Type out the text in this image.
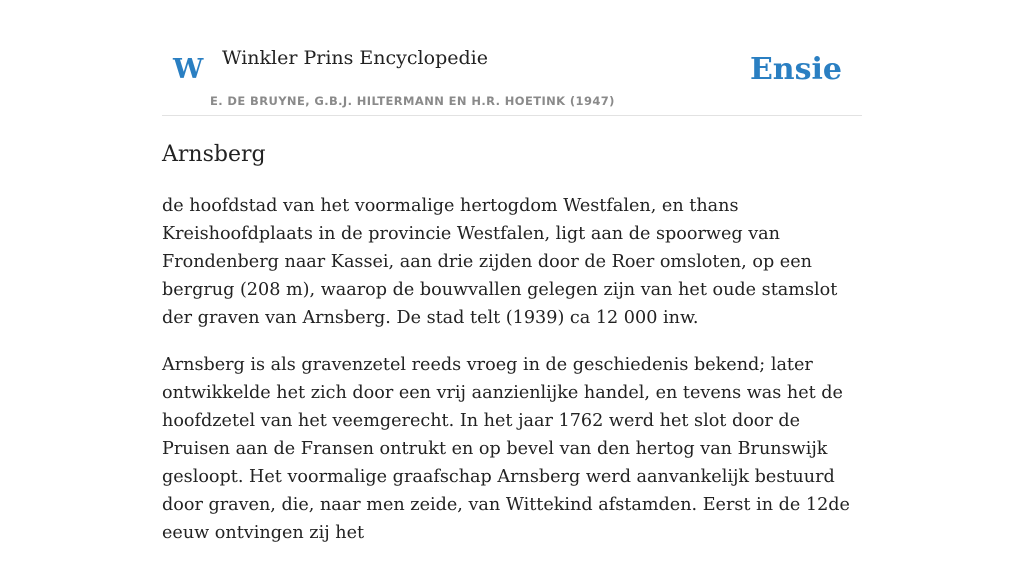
W Winkler Prins Encyclopedie
E. DE BRUYNE, G.B.J. HILTERMANN EN H.R. HOETINK (1947)
Ensie
Arnsberg

de hoofdstad van het voormalige hertogdom Westfalen, en thans Kreishoofdplaats in de provincie Westfalen, ligt aan de spoorweg van Frondenberg naar Kassei, aan drie zijden door de Roer omsloten, op een bergrug (208 m), waarop de bouwvallen gelegen zijn van het oude stamslot der graven van Arnsberg. De stad telt (1939) ca 12 000 inw.

Arnsberg is als gravenzetel reeds vroeg in de geschiedenis bekend; later ontwikkelde het zich door een vrij aanzienlijke handel, en tevens was het de hoofdzetel van het veemgerecht. In het jaar 1762 werd het slot door de Pruisen aan de Fransen ontrukt en op bevel van den hertog van Brunswijk gesloopt. Het voormalige graafschap Arnsberg werd aanvankelijk bestuurd door graven, die, naar men zeide, van Wittekind afstamden. Eerst in de 12de eeuw ontvingen zij het
